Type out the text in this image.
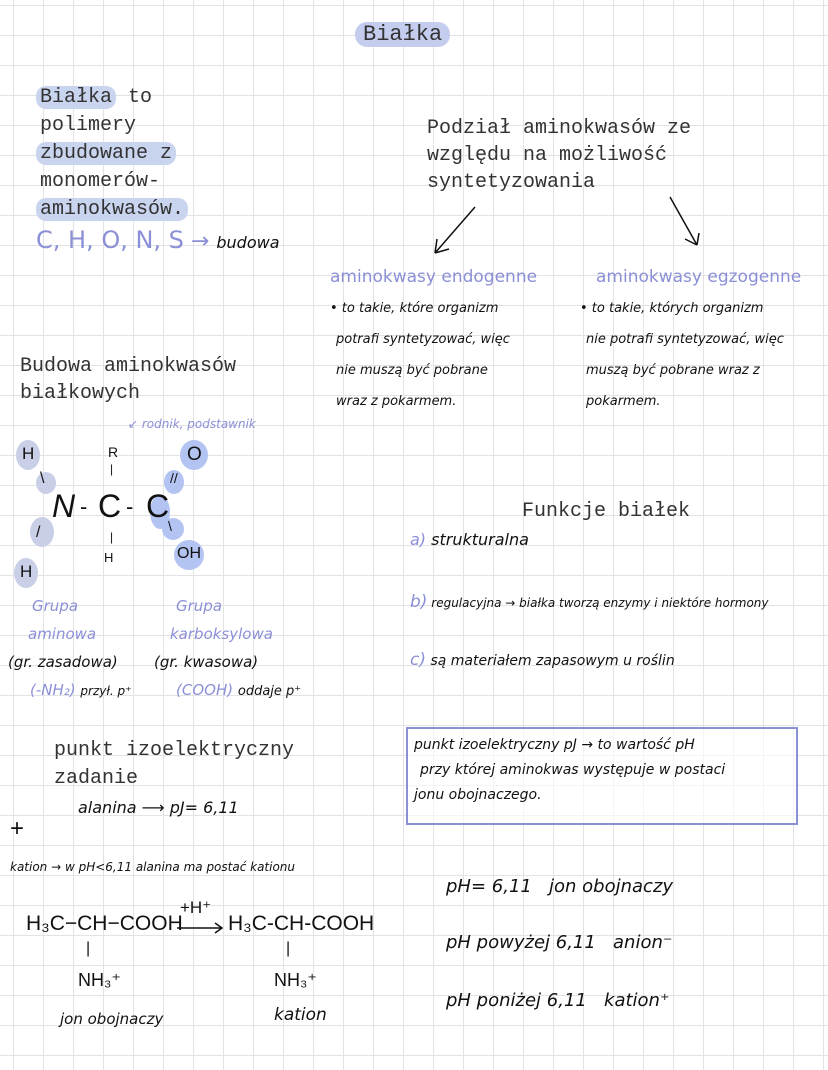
Białka
Białka to
polimery
zbudowane z
monomerów-
aminokwasów.
C, H, O, N, S → budowa
Podział aminokwasów ze
względu na możliwość
syntetyzowania
aminokwasy endogenne
• to takie, które organizm
potrafi syntetyzować, więc
nie muszą być pobrane
wraz z pokarmem.
aminokwasy egzogenne
• to takie, których organizm
nie potrafi syntetyzować, więc
muszą być pobrane wraz z
pokarmem.
Budowa aminokwasów
białkowych
↙ rodnik, podstawnik
H
H
\
/
N - C - C
R
|
|
H
O
//
\
OH
Grupa
aminowa
(gr. zasadowa)
(-NH₂) przył. p⁺
Grupa
karboksylowa
(gr. kwasowa)
(COOH) oddaje p⁺
Funkcje białek
a) strukturalna
b) regulacyjna → białka tworzą enzymy i niektóre hormony
c) są materiałem zapasowym u roślin
punkt izoelektryczny pJ → to wartość pH
przy której aminokwas występuje w postaci
jonu obojnaczego.
punkt izoelektryczny
zadanie
alanina ⟶ pJ= 6,11
+
kation → w pH<6,11 alanina ma postać kationu
H₃C−CH−COOH
+H⁺
→ H₃C-CH-COOH
|	|
NH₃⁺	NH₃⁺
jon obojnaczy	kation
pH= 6,11 jon obojnaczy
pH powyżej 6,11 anion⁻
pH poniżej 6,11 kation⁺
